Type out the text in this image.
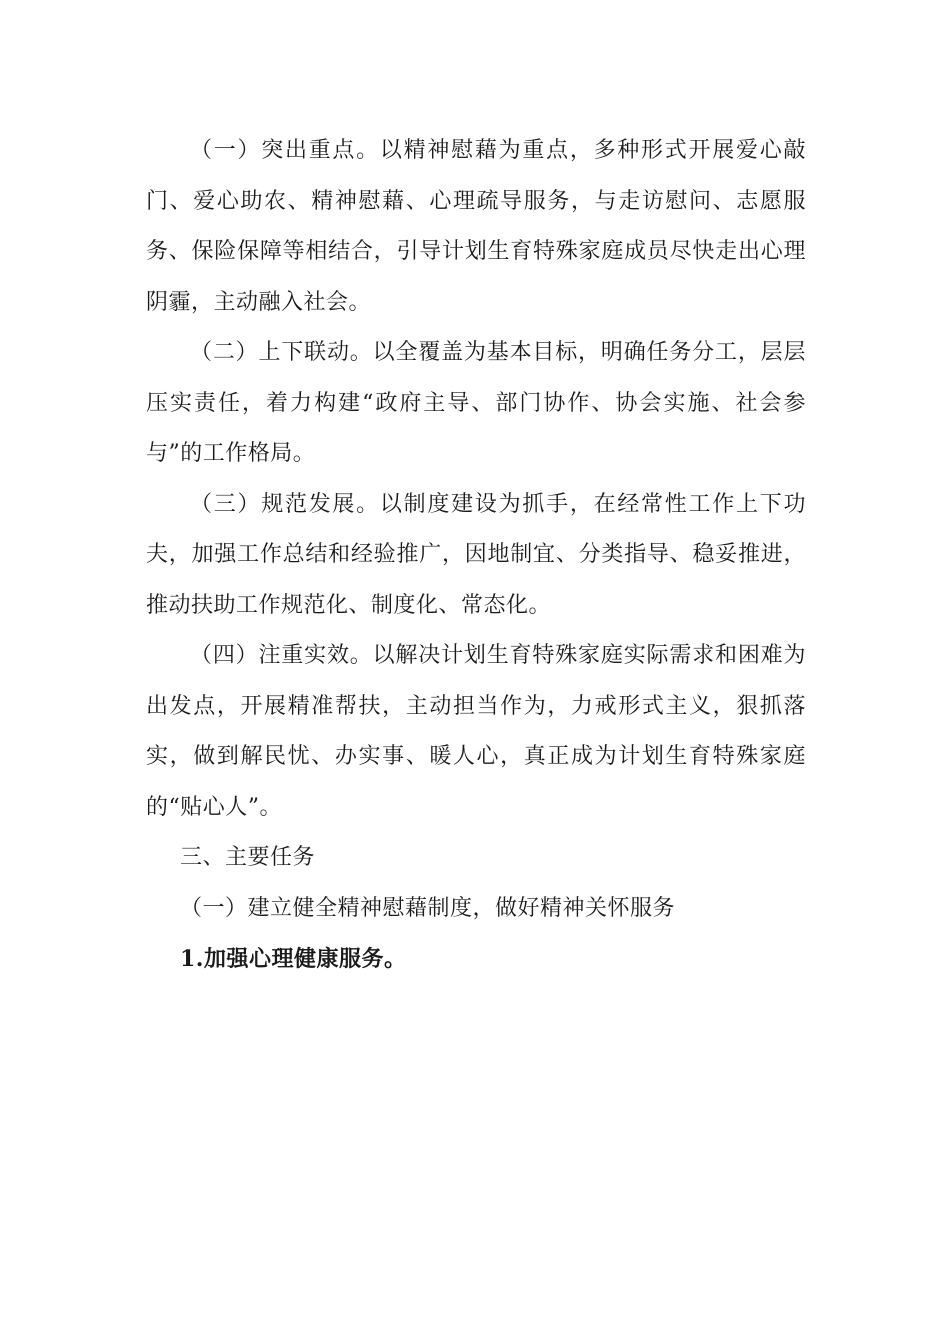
（一）突出重点。以精神慰藉为重点，多种形式开展爱心敲门、爱心助农、精神慰藉、心理疏导服务，与走访慰问、志愿服务、保险保障等相结合，引导计划生育特殊家庭成员尽快走出心理阴霾，主动融入社会。

（二）上下联动。以全覆盖为基本目标，明确任务分工，层层压实责任，着力构建“政府主导、部门协作、协会实施、社会参与”的工作格局。

（三）规范发展。以制度建设为抓手，在经常性工作上下功夫，加强工作总结和经验推广，因地制宜、分类指导、稳妥推进，推动扶助工作规范化、制度化、常态化。

（四）注重实效。以解决计划生育特殊家庭实际需求和困难为出发点，开展精准帮扶，主动担当作为，力戒形式主义，狠抓落实，做到解民忧、办实事、暖人心，真正成为计划生育特殊家庭的“贴心人”。

三、主要任务

（一）建立健全精神慰藉制度，做好精神关怀服务

1.加强心理健康服务。
